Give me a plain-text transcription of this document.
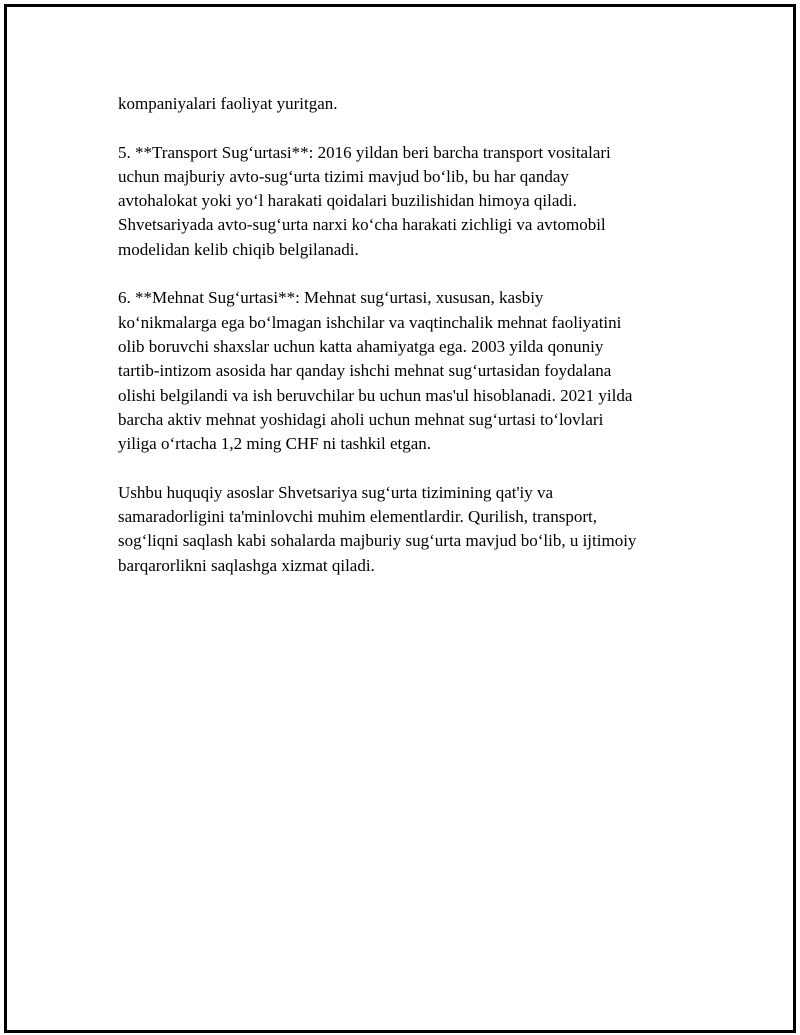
kompaniyalari faoliyat yuritgan.

5. **Transport Sug‘urtasi**: 2016 yildan beri barcha transport vositalari
uchun majburiy avto-sug‘urta tizimi mavjud bo‘lib, bu har qanday
avtohalokat yoki yo‘l harakati qoidalari buzilishidan himoya qiladi.
Shvetsariyada avto-sug‘urta narxi ko‘cha harakati zichligi va avtomobil
modelidan kelib chiqib belgilanadi.

6. **Mehnat Sug‘urtasi**: Mehnat sug‘urtasi, xususan, kasbiy
ko‘nikmalarga ega bo‘lmagan ishchilar va vaqtinchalik mehnat faoliyatini
olib boruvchi shaxslar uchun katta ahamiyatga ega. 2003 yilda qonuniy
tartib-intizom asosida har qanday ishchi mehnat sug‘urtasidan foydalana
olishi belgilandi va ish beruvchilar bu uchun mas'ul hisoblanadi. 2021 yilda
barcha aktiv mehnat yoshidagi aholi uchun mehnat sug‘urtasi to‘lovlari
yiliga o‘rtacha 1,2 ming CHF ni tashkil etgan.

Ushbu huquqiy asoslar Shvetsariya sug‘urta tizimining qat'iy va
samaradorligini ta'minlovchi muhim elementlardir. Qurilish, transport,
sog‘liqni saqlash kabi sohalarda majburiy sug‘urta mavjud bo‘lib, u ijtimoiy
barqarorlikni saqlashga xizmat qiladi.
